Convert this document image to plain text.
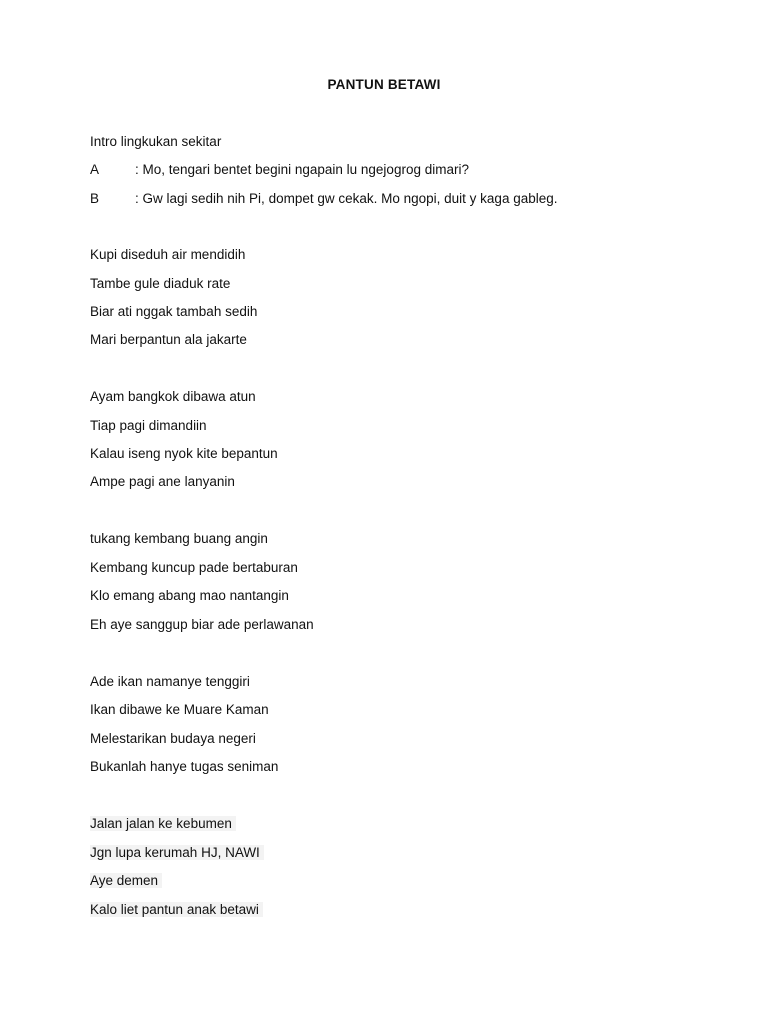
PANTUN BETAWI
Intro lingkukan sekitar
A	: Mo, tengari bentet begini ngapain lu ngejogrog dimari?
B	: Gw lagi sedih nih Pi, dompet gw cekak. Mo ngopi, duit y kaga gableg.
Kupi diseduh air mendidih
Tambe gule diaduk rate
Biar ati nggak tambah sedih
Mari berpantun ala jakarte
Ayam bangkok dibawa atun
Tiap pagi dimandiin
Kalau iseng nyok kite bepantun
Ampe pagi ane lanyanin
tukang kembang buang angin
Kembang kuncup pade bertaburan
Klo emang abang mao nantangin
Eh aye sanggup biar ade perlawanan
Ade ikan namanye tenggiri
Ikan dibawe ke Muare Kaman
Melestarikan budaya negeri
Bukanlah hanye tugas seniman
Jalan jalan ke kebumen
Jgn lupa kerumah HJ, NAWI
Aye demen
Kalo liet pantun anak betawi
